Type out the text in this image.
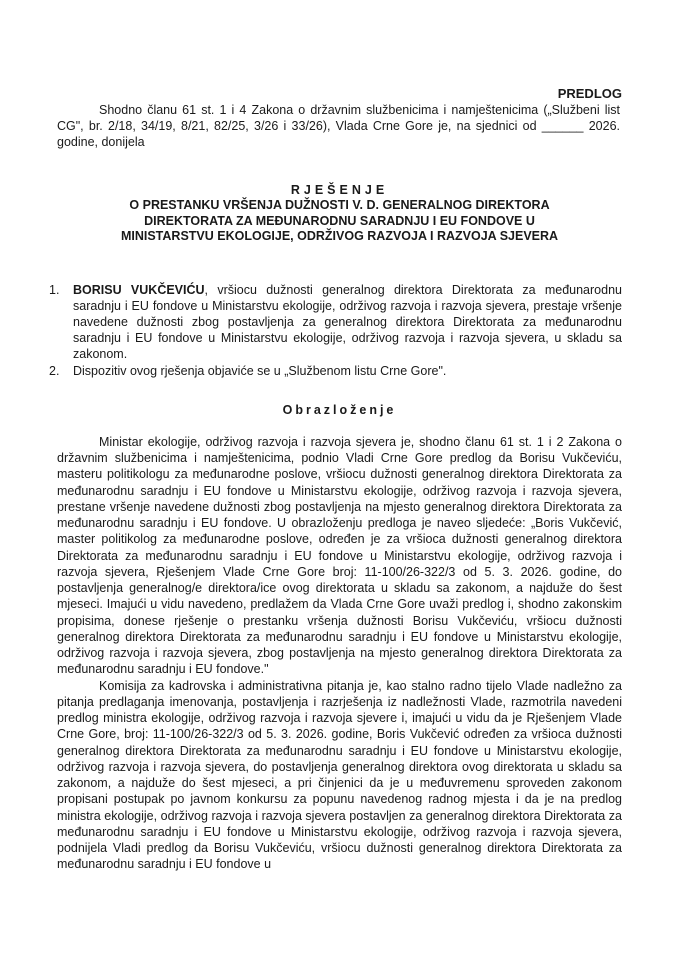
PREDLOG

Shodno članu 61 st. 1 i 4 Zakona o državnim službenicima i namještenicima („Službeni list CG", br. 2/18, 34/19, 8/21, 82/25, 3/26 i 33/26), Vlada Crne Gore je, na sjednici od ______ 2026. godine, donijela

RJEŠENJE
O PRESTANKU VRŠENJA DUŽNOSTI V. D. GENERALNOG DIREKTORA
DIREKTORATA ZA MEĐUNARODNU SARADNJU I EU FONDOVE U
MINISTARSTVU EKOLOGIJE, ODRŽIVOG RAZVOJA I RAZVOJA SJEVERA
1. BORISU VUKČEVIĆU, vršiocu dužnosti generalnog direktora Direktorata za međunarodnu saradnju i EU fondove u Ministarstvu ekologije, održivog razvoja i razvoja sjevera, prestaje vršenje navedene dužnosti zbog postavljenja za generalnog direktora Direktorata za međunarodnu saradnju i EU fondove u Ministarstvu ekologije, održivog razvoja i razvoja sjevera, u skladu sa zakonom.
2. Dispozitiv ovog rješenja objaviće se u „Službenom listu Crne Gore".
Obrazloženje

Ministar ekologije, održivog razvoja i razvoja sjevera je, shodno članu 61 st. 1 i 2 Zakona o državnim službenicima i namještenicima, podnio Vladi Crne Gore predlog da Borisu Vukčeviću, masteru politikologu za međunarodne poslove, vršiocu dužnosti generalnog direktora Direktorata za međunarodnu saradnju i EU fondove u Ministarstvu ekologije, održivog razvoja i razvoja sjevera, prestane vršenje navedene dužnosti zbog postavljenja na mjesto generalnog direktora Direktorata za međunarodnu saradnju i EU fondove. U obrazloženju predloga je naveo sljedeće: „Boris Vukčević, master politikolog za međunarodne poslove, određen je za vršioca dužnosti generalnog direktora Direktorata za međunarodnu saradnju i EU fondove u Ministarstvu ekologije, održivog razvoja i razvoja sjevera, Rješenjem Vlade Crne Gore broj: 11-100/26-322/3 od 5. 3. 2026. godine, do postavljenja generalnog/e direktora/ice ovog direktorata u skladu sa zakonom, a najduže do šest mjeseci. Imajući u vidu navedeno, predlažem da Vlada Crne Gore uvaži predlog i, shodno zakonskim propisima, donese rješenje o prestanku vršenja dužnosti Borisu Vukčeviću, vršiocu dužnosti generalnog direktora Direktorata za međunarodnu saradnju i EU fondove u Ministarstvu ekologije, održivog razvoja i razvoja sjevera, zbog postavljenja na mjesto generalnog direktora Direktorata za međunarodnu saradnju i EU fondove."

Komisija za kadrovska i administrativna pitanja je, kao stalno radno tijelo Vlade nadležno za pitanja predlaganja imenovanja, postavljenja i razrješenja iz nadležnosti Vlade, razmotrila navedeni predlog ministra ekologije, održivog razvoja i razvoja sjevere i, imajući u vidu da je Rješenjem Vlade Crne Gore, broj: 11-100/26-322/3 od 5. 3. 2026. godine, Boris Vukčević određen za vršioca dužnosti generalnog direktora Direktorata za međunarodnu saradnju i EU fondove u Ministarstvu ekologije, održivog razvoja i razvoja sjevera, do postavljenja generalnog direktora ovog direktorata u skladu sa zakonom, a najduže do šest mjeseci, a pri činjenici da je u međuvremenu sproveden zakonom propisani postupak po javnom konkursu za popunu navedenog radnog mjesta i da je na predlog ministra ekologije, održivog razvoja i razvoja sjevera postavljen za generalnog direktora Direktorata za međunarodnu saradnju i EU fondove u Ministarstvu ekologije, održivog razvoja i razvoja sjevera, podnijela Vladi predlog da Borisu Vukčeviću, vršiocu dužnosti generalnog direktora Direktorata za međunarodnu saradnju i EU fondove u
